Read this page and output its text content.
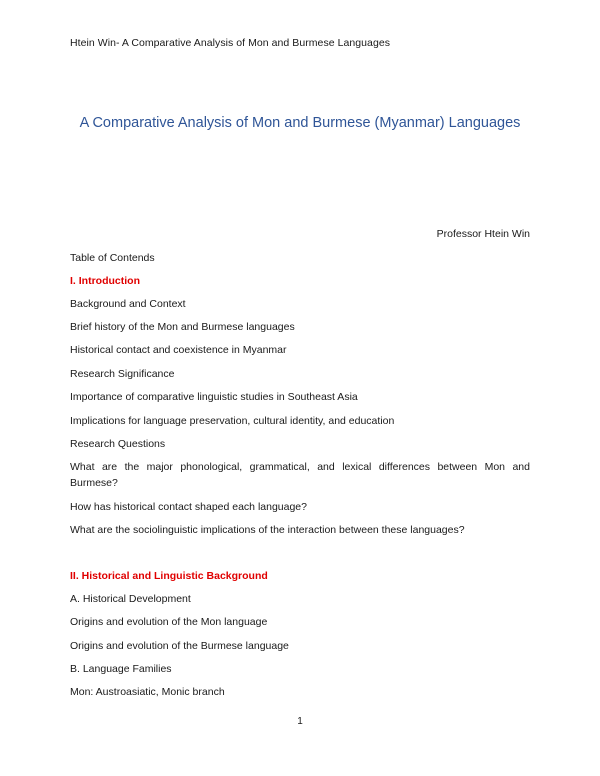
Htein Win- A Comparative Analysis of Mon and Burmese Languages
A Comparative Analysis of Mon and Burmese (Myanmar) Languages
Professor Htein Win
Table of Contends
I. Introduction
Background and Context
Brief history of the Mon and Burmese languages
Historical contact and coexistence in Myanmar
Research Significance
Importance of comparative linguistic studies in Southeast Asia
Implications for language preservation, cultural identity, and education
Research Questions
What are the major phonological, grammatical, and lexical differences between Mon and
Burmese?
How has historical contact shaped each language?
What are the sociolinguistic implications of the interaction between these languages?
II. Historical and Linguistic Background
A. Historical Development
Origins and evolution of the Mon language
Origins and evolution of the Burmese language
B. Language Families
Mon: Austroasiatic, Monic branch
1
